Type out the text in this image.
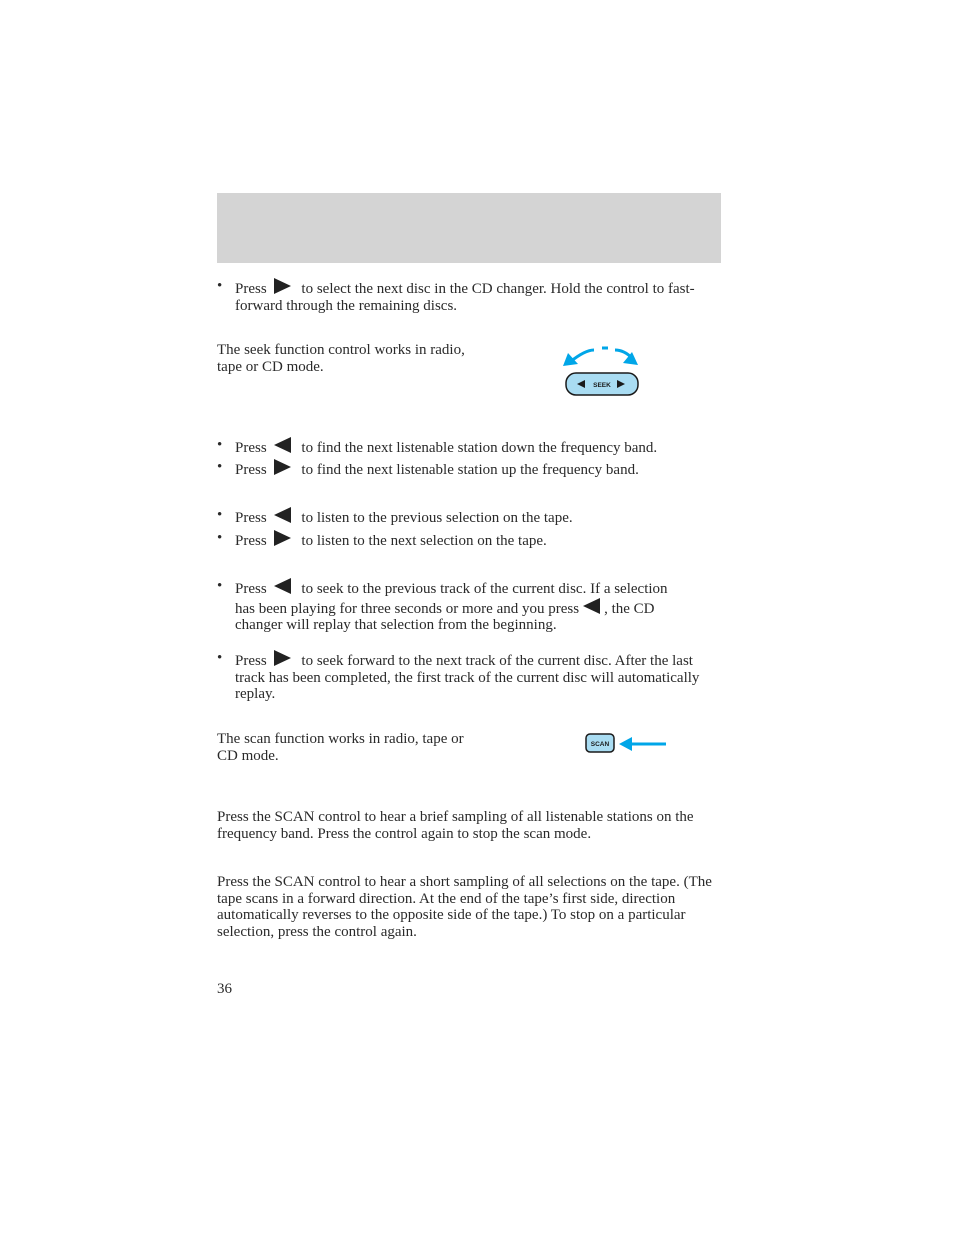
• Press to select the next disc in the CD changer. Hold the control to fast-forward through the remaining discs.
The seek function control works in radio, tape or CD mode.
SEEK
• Press to find the next listenable station down the frequency band.
• Press to find the next listenable station up the frequency band.
• Press to listen to the previous selection on the tape.
• Press to listen to the next selection on the tape.
• Press to seek to the previous track of the current disc. If a selection has been playing for three seconds or more and you press , the CD changer will replay that selection from the beginning.
• Press to seek forward to the next track of the current disc. After the last track has been completed, the first track of the current disc will automatically replay.
The scan function works in radio, tape or CD mode.
SCAN
Press the SCAN control to hear a brief sampling of all listenable stations on the frequency band. Press the control again to stop the scan mode.
Press the SCAN control to hear a short sampling of all selections on the tape. (The tape scans in a forward direction. At the end of the tape’s first side, direction automatically reverses to the opposite side of the tape.) To stop on a particular selection, press the control again.
36
